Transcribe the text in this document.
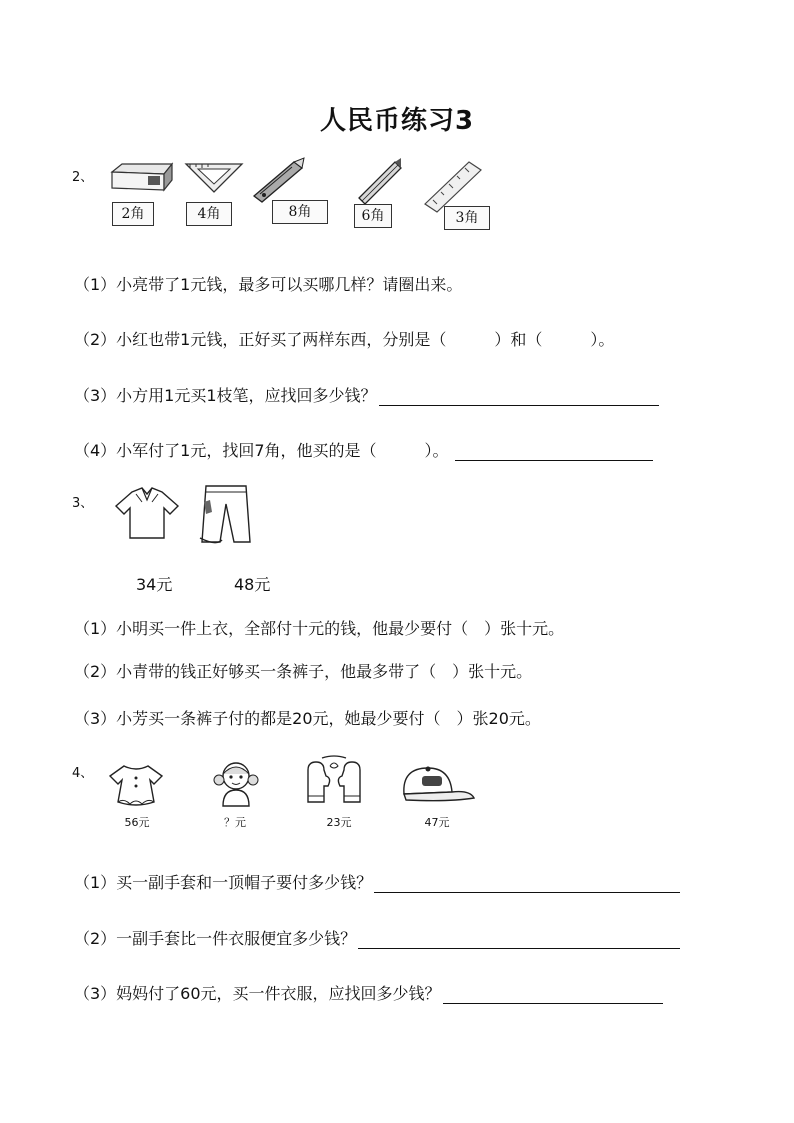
人民币练习3
2、
2角	4角	8角	6角	3角
（1）小亮带了1元钱，最多可以买哪几样？请圈出来。
（2）小红也带1元钱，正好买了两样东西，分别是（　　　）和（　　　）。
（3）小方用1元买1枝笔，应找回多少钱？
（4）小军付了1元，找回7角，他买的是（　　　）。
3、
34元	48元
（1）小明买一件上衣，全部付十元的钱，他最少要付（　）张十元。
（2）小青带的钱正好够买一条裤子，他最多带了（　）张十元。
（3）小芳买一条裤子付的都是20元，她最少要付（　）张20元。
4、
56元	？元	23元	47元
（1）买一副手套和一顶帽子要付多少钱？
（2）一副手套比一件衣服便宜多少钱？
（3）妈妈付了60元，买一件衣服，应找回多少钱？
